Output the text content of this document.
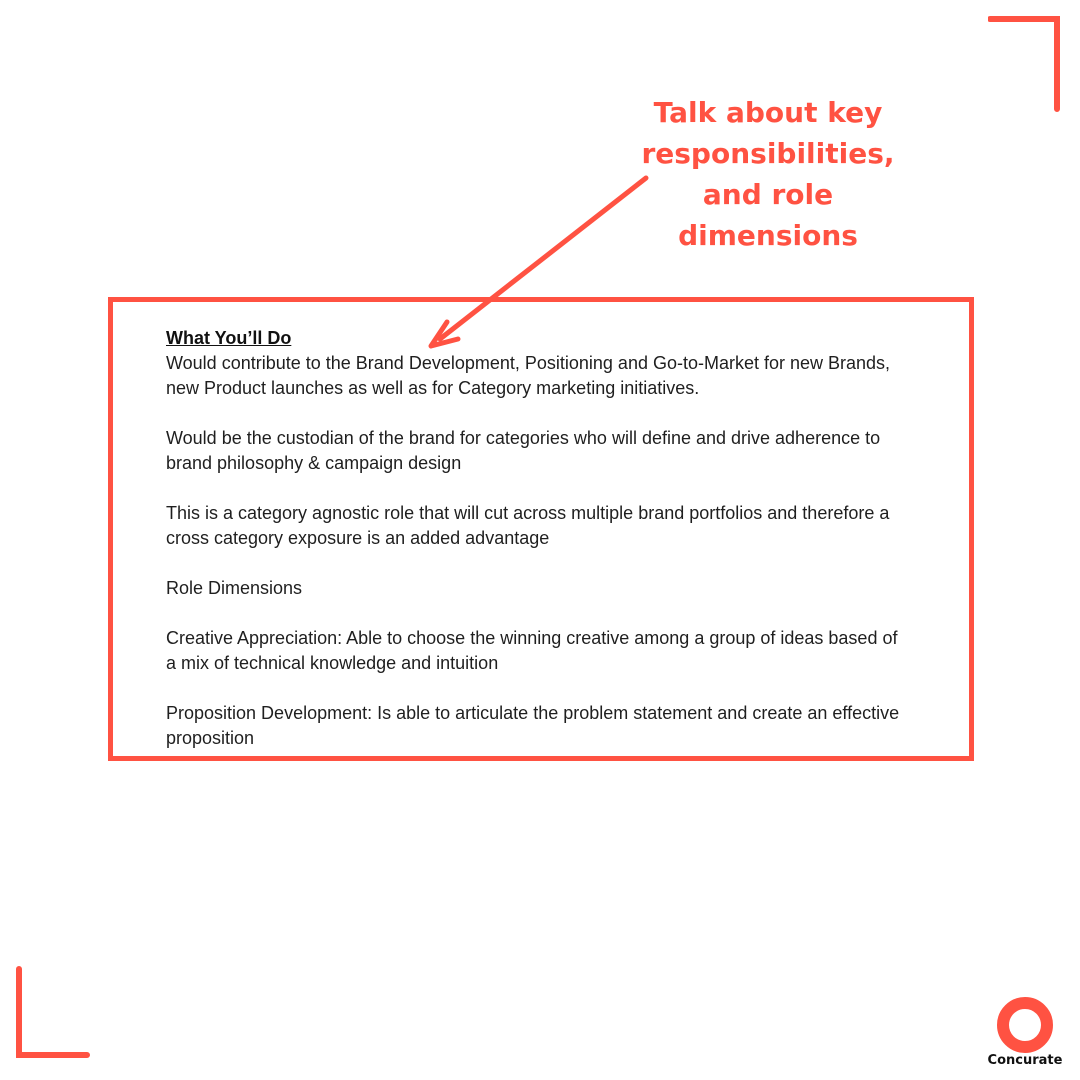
Talk about key
responsibilities,
and role
dimensions
What You’ll Do
Would contribute to the Brand Development, Positioning and Go-to-Market for new Brands,
new Product launches as well as for Category marketing initiatives.
Would be the custodian of the brand for categories who will define and drive adherence to
brand philosophy & campaign design
This is a category agnostic role that will cut across multiple brand portfolios and therefore a
cross category exposure is an added advantage
Role Dimensions
Creative Appreciation: Able to choose the winning creative among a group of ideas based of
a mix of technical knowledge and intuition
Proposition Development: Is able to articulate the problem statement and create an effective
proposition
Concurate
